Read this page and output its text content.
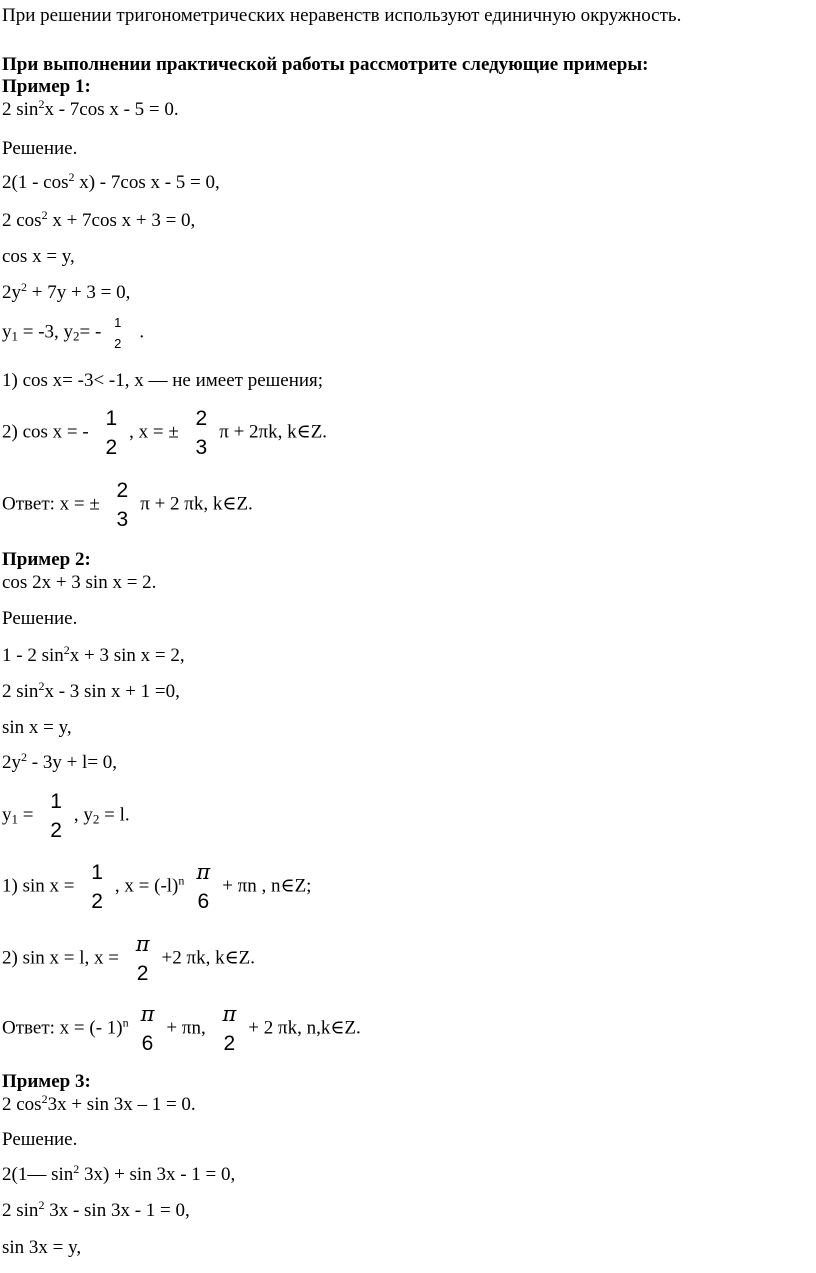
При решении тригонометрических неравенств используют единичную окружность.
При выполнении практической работы рассмотрите следующие примеры:
Пример 1:
2 $\sin^2x - 7\cos$ x - 5 = 0.
Решение.
$2(1 - \cos^2 x) - 7\cos$ x - 5 = 0,
2 $\cos^2 x + 7\cos$ x + 3 = 0,
cos x = y,
$2y^2 + 7y + 3 = 0$,
$y_1 = -3$, $y_2= - 1$
2
.
1) cos x= -3< -1, x — не имеет решения;
2) cos x = -
1
2
, x = ±
2
3
π + 2πk, k∈Z.
Ответ: x = ±
2
3
π + 2 πk, k∈Z.
Пример 2:
cos 2x + 3 sin x = 2.
Решение.
1 - 2 $\sin^2x + 3$ sin x = 2,
2 $\sin^2x - 3$ sin x + 1 =0,
sin x = y,
$2y^2 - 3y + l= 0$,
$y_1$ =
1
2
, $y_2 = l$.
1) sin x =
1
2
, $x = (-l)^n$ π
6
+ πn , n∈Z;
2) sin x = l, x =
π
2
+2 πk, k∈Z.
Ответ: x = (- 1)$^n$ π
6
+ πn,
π
2
+ 2 πk, n,k∈Z.
Пример 3:
2 $\cos^23x + \sin 3x - 1 = 0$.
Решение.
2(1— $\sin^2 3x) + \sin 3x - 1 = 0$,
2 $\sin^2 3x - \sin 3x - 1 = 0$,
sin 3x = y,
